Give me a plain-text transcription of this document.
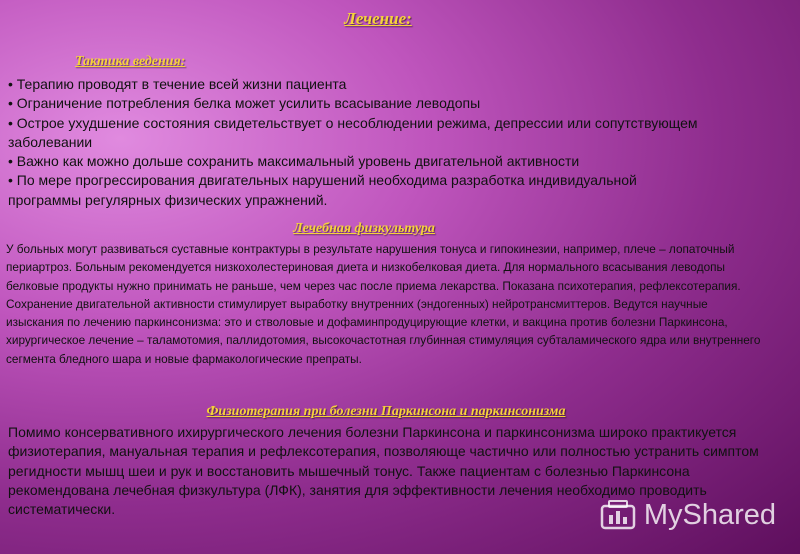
Лечение:
Тактика ведения:
• Терапию проводят в течение всей жизни пациента
• Ограничение потребления белка может усилить всасывание леводопы
• Острое ухудшение состояния свидетельствует о несоблюдении режима, депрессии или сопутствующем заболевании
• Важно как можно дольше сохранить максимальный уровень двигательной активности
• По мере прогрессирования двигательных нарушений необходима разработка индивидуальной программы регулярных физических упражнений.
Лечебная физкультура

У больных могут развиваться суставные контрактуры в результате нарушения тонуса и гипокинезии, например, плече – лопаточный периартроз. Больным рекомендуется низкохолестериновая диета и низкобелковая диета. Для нормального всасывания леводопы белковые продукты нужно принимать не раньше, чем через час после приема лекарства. Показана психотерапия, рефлексотерапия. Сохранение двигательной активности стимулирует выработку внутренних (эндогенных) нейротрансмиттеров. Ведутся научные изыскания по лечению паркинсонизма: это и стволовые и дофаминпродуцирующие клетки, и вакцина против болезни Паркинсона, хирургическое лечение – таламотомия, паллидотомия, высокочастотная глубинная стимуляция субталамического ядра или внутреннего сегмента бледного шара и новые фармакологические препраты.

Физиотерапия при болезни Паркинсона и паркинсонизма

Помимо консервативного ихирургического лечения болезни Паркинсона и паркинсонизма широко практикуется физиотерапия, мануальная терапия и рефлексотерапия, позволяюще частично или полностью устранить симптом регидности мышц шеи и рук и восстановить мышечный тонус. Также пациентам с болезнью Паркинсона рекомендована лечебная физкультура (ЛФК), занятия для эффективности лечения необходимо проводить систематически.	MyShared
